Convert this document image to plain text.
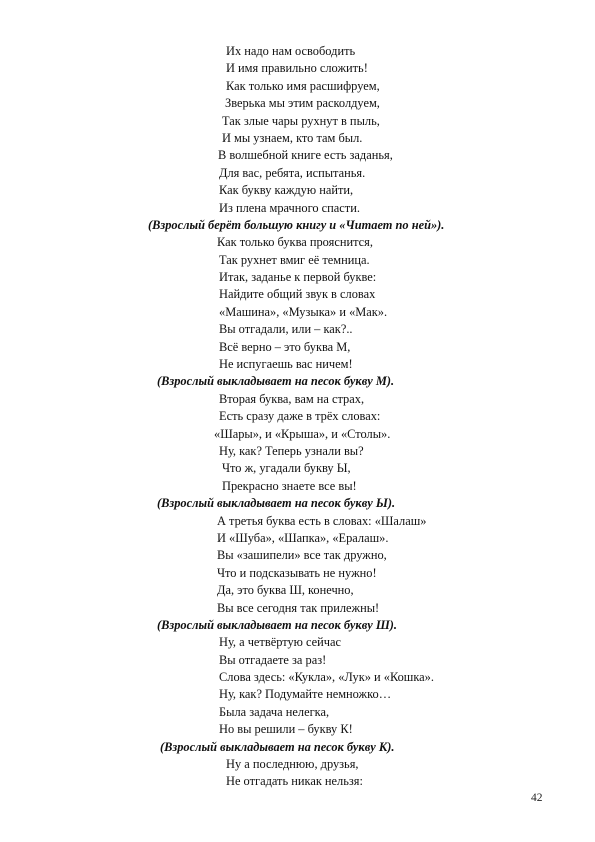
Их надо нам освободить
И имя правильно сложить!
Как только имя расшифруем,
Зверька мы этим расколдуем,
Так злые чары рухнут в пыль,
И мы узнаем, кто там был.
В волшебной книге есть заданья,
Для вас, ребята, испытанья.
Как букву каждую найти,
Из плена мрачного спасти.
(Взрослый берёт большую книгу и «Читает по ней»).
Как только буква прояснится,
Так рухнет вмиг её темница.
Итак, заданье к первой букве:
Найдите общий звук в словах
«Машина», «Музыка» и «Мак».
Вы отгадали, или – как?..
Всё верно – это буква М,
Не испугаешь вас ничем!
(Взрослый выкладывает на песок букву М).
Вторая буква, вам на страх,
Есть сразу даже в трёх словах:
«Шары», и «Крыша», и «Столы».
Ну, как? Теперь узнали вы?
Что ж, угадали букву Ы,
Прекрасно знаете все вы!
(Взрослый выкладывает на песок букву Ы).
А третья буква есть в словах: «Шалаш»
И «Шуба», «Шапка», «Ералаш».
Вы «зашипели» все так дружно,
Что и подсказывать не нужно!
Да, это буква Ш, конечно,
Вы все сегодня так прилежны!
(Взрослый выкладывает на песок букву Ш).
Ну, а четвёртую сейчас
Вы отгадаете за раз!
Слова здесь: «Кукла», «Лук» и «Кошка».
Ну, как? Подумайте немножко…
Была задача нелегка,
Но вы решили – букву К!
(Взрослый выкладывает на песок букву К).
Ну а последнюю, друзья,
Не отгадать никак нельзя:
42
